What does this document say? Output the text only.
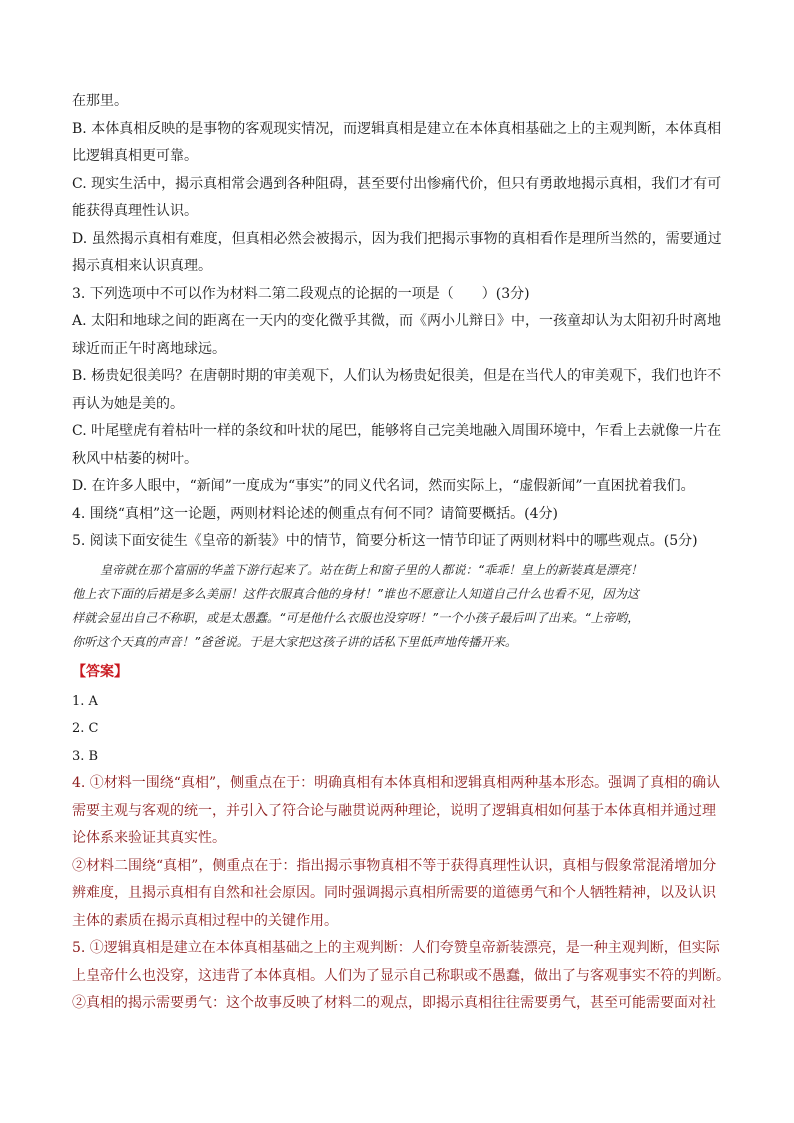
在那里。

B. 本体真相反映的是事物的客观现实情况，而逻辑真相是建立在本体真相基础之上的主观判断，本体真相

比逻辑真相更可靠。

C. 现实生活中，揭示真相常会遇到各种阻碍，甚至要付出惨痛代价，但只有勇敢地揭示真相，我们才有可

能获得真理性认识。

D. 虽然揭示真相有难度，但真相必然会被揭示，因为我们把揭示事物的真相看作是理所当然的，需要通过

揭示真相来认识真理。

3. 下列选项中不可以作为材料二第二段观点的论据的一项是（　　）(3分)

A. 太阳和地球之间的距离在一天内的变化微乎其微，而《两小儿辩日》中，一孩童却认为太阳初升时离地

球近而正午时离地球远。

B. 杨贵妃很美吗？在唐朝时期的审美观下，人们认为杨贵妃很美，但是在当代人的审美观下，我们也许不

再认为她是美的。

C. 叶尾壁虎有着枯叶一样的条纹和叶状的尾巴，能够将自己完美地融入周围环境中，乍看上去就像一片在

秋风中枯萎的树叶。

D. 在许多人眼中，“新闻”一度成为“事实”的同义代名词，然而实际上，“虚假新闻”一直困扰着我们。

4. 围绕“真相”这一论题，两则材料论述的侧重点有何不同？请简要概括。(4分)

5. 阅读下面安徒生《皇帝的新装》中的情节，简要分析这一情节印证了两则材料中的哪些观点。(5分)

皇帝就在那个富丽的华盖下游行起来了。站在街上和窗子里的人都说：“乖乖！皇上的新装真是漂亮！

他上衣下面的后裙是多么美丽！这件衣服真合他的身材！”谁也不愿意让人知道自己什么也看不见，因为这

样就会显出自己不称职，或是太愚蠢。“可是他什么衣服也没穿呀！”一个小孩子最后叫了出来。“上帝哟，

你听这个天真的声音！”爸爸说。于是大家把这孩子讲的话私下里低声地传播开来。

【答案】

1. A

2. C

3. B

4. ①材料一围绕“真相”，侧重点在于：明确真相有本体真相和逻辑真相两种基本形态。强调了真相的确认

需要主观与客观的统一，并引入了符合论与融贯说两种理论，说明了逻辑真相如何基于本体真相并通过理

论体系来验证其真实性。

②材料二围绕“真相”，侧重点在于：指出揭示事物真相不等于获得真理性认识，真相与假象常混淆增加分

辨难度，且揭示真相有自然和社会原因。同时强调揭示真相所需要的道德勇气和个人牺牲精神，以及认识

主体的素质在揭示真相过程中的关键作用。

5. ①逻辑真相是建立在本体真相基础之上的主观判断：人们夸赞皇帝新装漂亮，是一种主观判断，但实际

上皇帝什么也没穿，这违背了本体真相。人们为了显示自己称职或不愚蠢，做出了与客观事实不符的判断。

②真相的揭示需要勇气：这个故事反映了材料二的观点，即揭示真相往往需要勇气，甚至可能需要面对社
